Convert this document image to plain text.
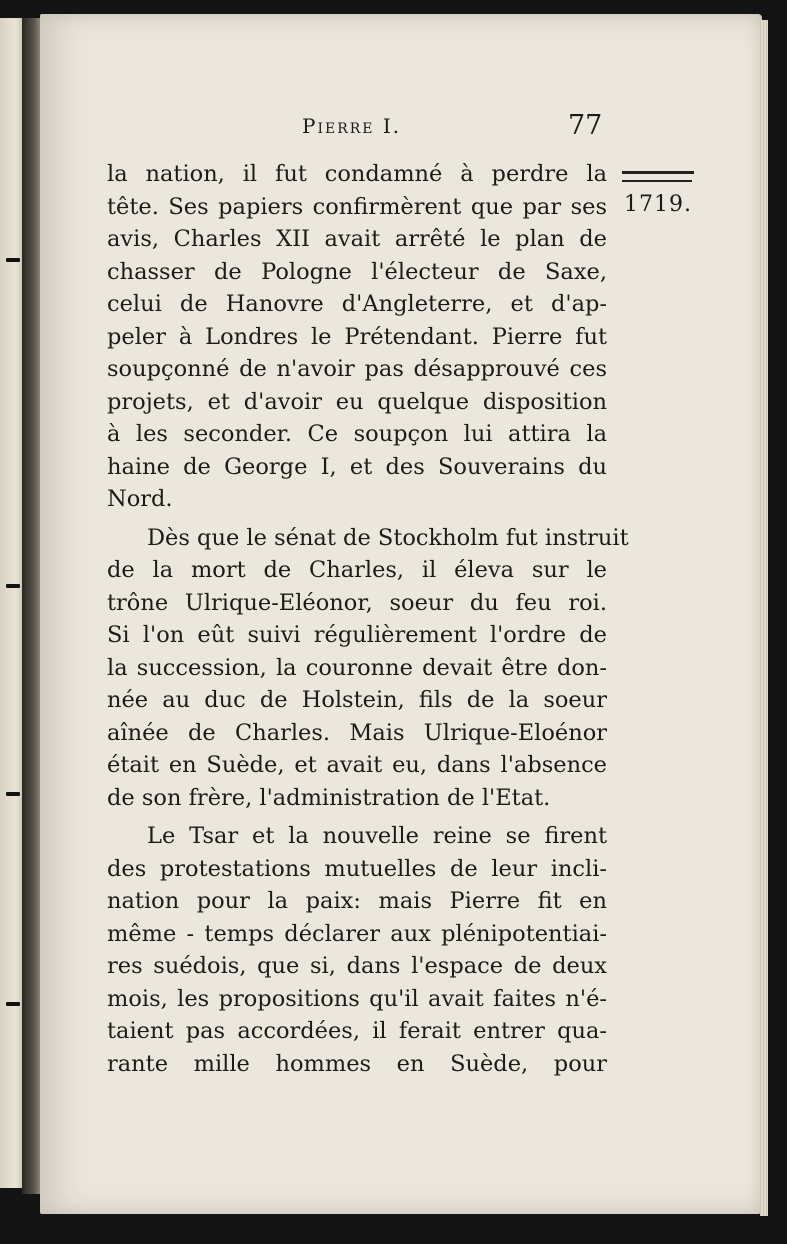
Pierre I.	77
1719.
la nation, il fut condamné à perdre la
tête. Ses papiers confirmèrent que par ses
avis, Charles XII avait arrêté le plan de
chasser de Pologne l'électeur de Saxe,
celui de Hanovre d'Angleterre, et d'ap-
peler à Londres le Prétendant. Pierre fut
soupçonné de n'avoir pas désapprouvé ces
projets, et d'avoir eu quelque disposition
à les seconder. Ce soupçon lui attira la
haine de George I, et des Souverains du
Nord.
Dès que le sénat de Stockholm fut instruit
de la mort de Charles, il éleva sur le
trône Ulrique-Eléonor, soeur du feu roi.
Si l'on eût suivi régulièrement l'ordre de
la succession, la couronne devait être don-
née au duc de Holstein, fils de la soeur
aînée de Charles. Mais Ulrique-Eloénor
était en Suède, et avait eu, dans l'absence
de son frère, l'administration de l'Etat.
Le Tsar et la nouvelle reine se firent
des protestations mutuelles de leur incli-
nation pour la paix: mais Pierre fit en
même - temps déclarer aux plénipotentiai-
res suédois, que si, dans l'espace de deux
mois, les propositions qu'il avait faites n'é-
taient pas accordées, il ferait entrer qua-
rante mille hommes en Suède, pour
